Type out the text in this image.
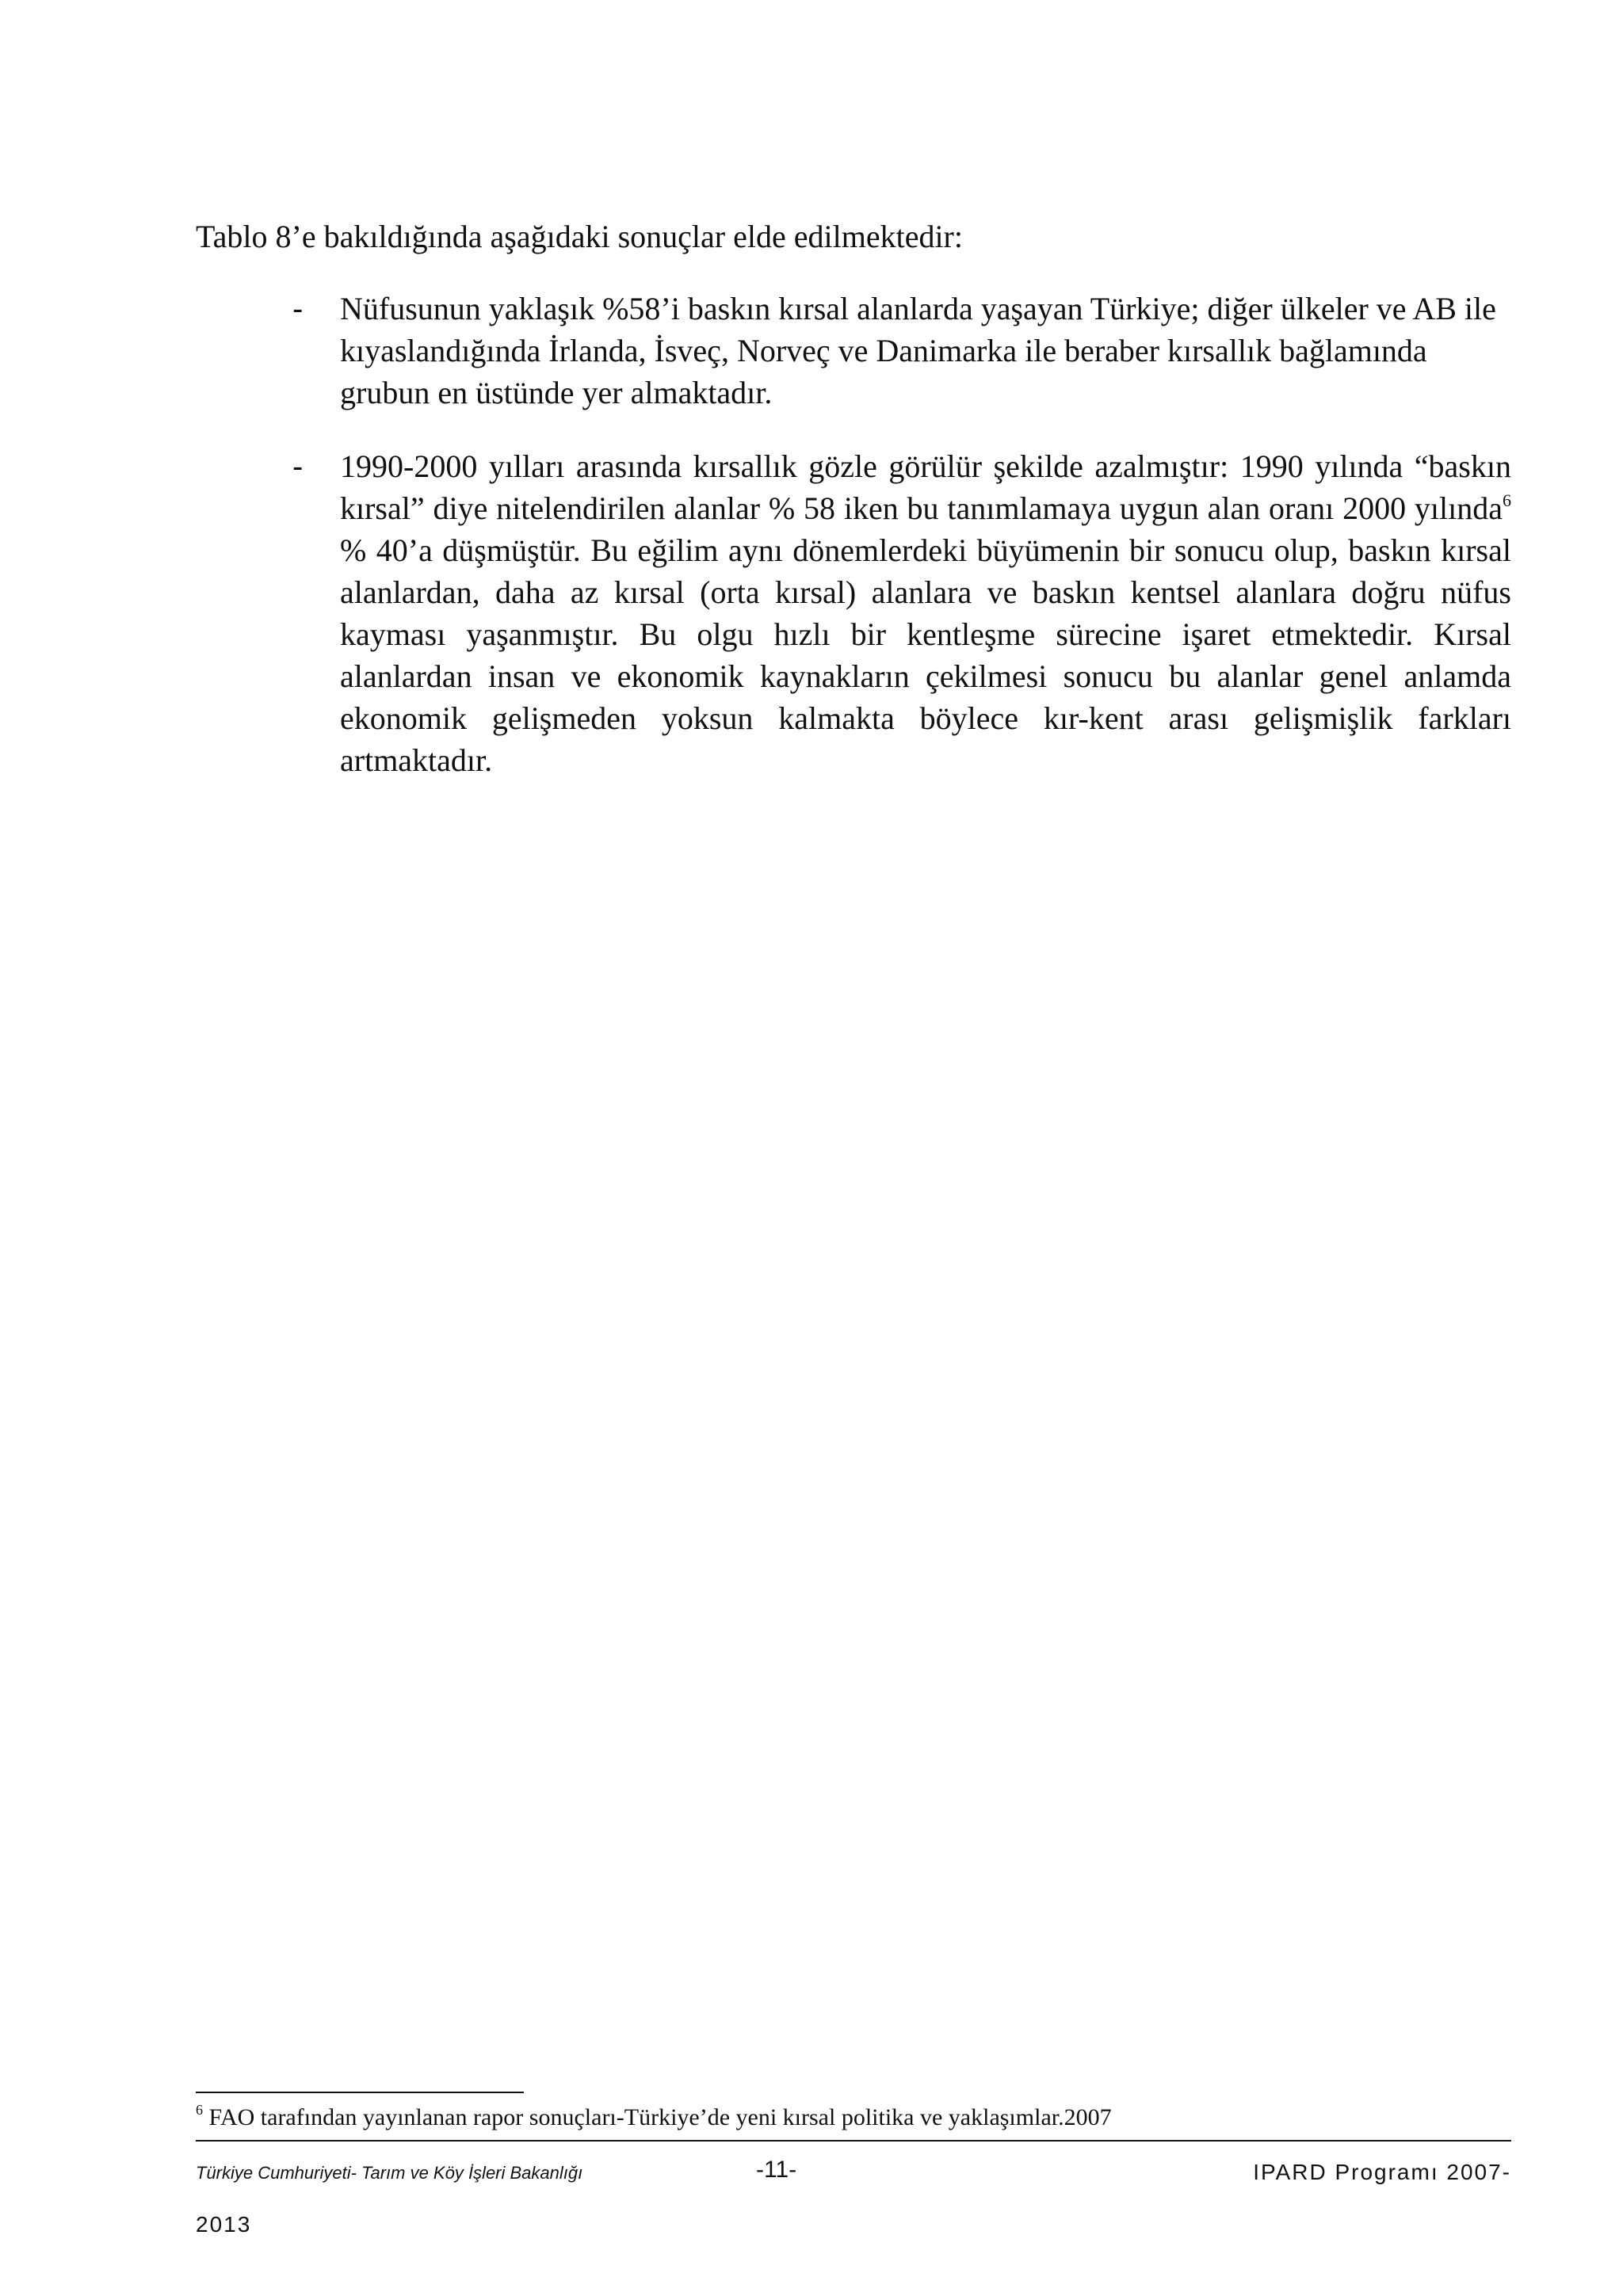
Tablo 8’e bakıldığında aşağıdaki sonuçlar elde edilmektedir:

- Nüfusunun yaklaşık %58’i baskın kırsal alanlarda yaşayan Türkiye; diğer ülkeler ve AB ile kıyaslandığında İrlanda, İsveç, Norveç ve Danimarka ile beraber kırsallık bağlamında grubun en üstünde yer almaktadır.

- 1990-2000 yılları arasında kırsallık gözle görülür şekilde azalmıştır: 1990 yılında “baskın kırsal” diye nitelendirilen alanlar % 58 iken bu tanımlamaya uygun alan oranı 2000 yılında$^6$ % 40’a düşmüştür. Bu eğilim aynı dönemlerdeki büyümenin bir sonucu olup, baskın kırsal alanlardan, daha az kırsal (orta kırsal) alanlara ve baskın kentsel alanlara doğru nüfus kayması yaşanmıştır. Bu olgu hızlı bir kentleşme sürecine işaret etmektedir. Kırsal alanlardan insan ve ekonomik kaynakların çekilmesi sonucu bu alanlar genel anlamda ekonomik gelişmeden yoksun kalmakta böylece kır-kent arası gelişmişlik farkları artmaktadır.

$^6$ FAO tarafından yayınlanan rapor sonuçları-Türkiye’de yeni kırsal politika ve yaklaşımlar.2007

Türkiye Cumhuriyeti- Tarım ve Köy İşleri Bakanlığı	-11-	IPARD Programı 2007-
2013
